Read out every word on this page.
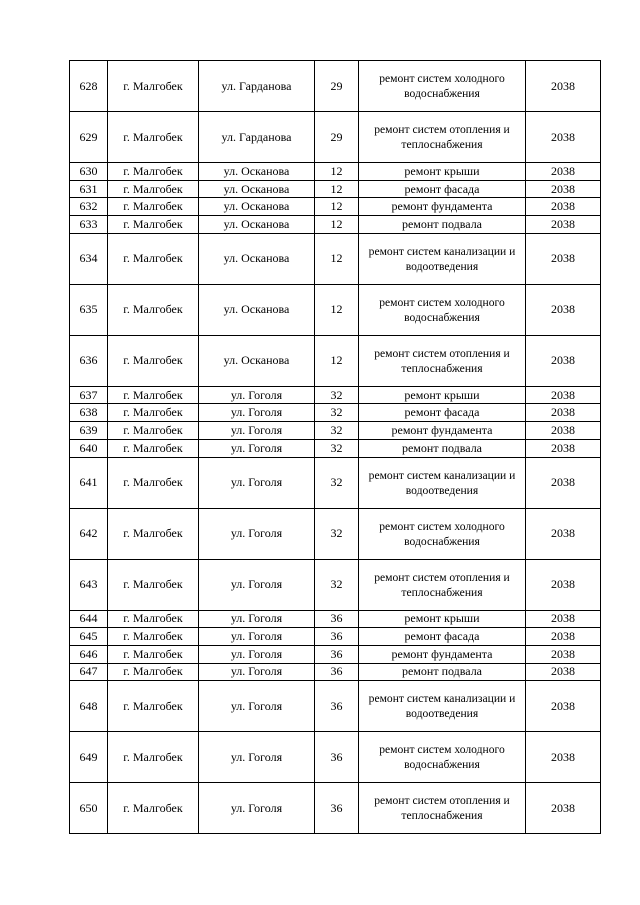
628	г. Малгобек	ул. Гарданова	29	ремонт систем холодного водоснабжения	2038
629	г. Малгобек	ул. Гарданова	29	ремонт систем отопления и теплоснабжения	2038
630	г. Малгобек	ул. Осканова	12	ремонт крыши	2038
631	г. Малгобек	ул. Осканова	12	ремонт фасада	2038
632	г. Малгобек	ул. Осканова	12	ремонт фундамента	2038
633	г. Малгобек	ул. Осканова	12	ремонт подвала	2038
634	г. Малгобек	ул. Осканова	12	ремонт систем канализации и водоотведения	2038
635	г. Малгобек	ул. Осканова	12	ремонт систем холодного водоснабжения	2038
636	г. Малгобек	ул. Осканова	12	ремонт систем отопления и теплоснабжения	2038
637	г. Малгобек	ул. Гоголя	32	ремонт крыши	2038
638	г. Малгобек	ул. Гоголя	32	ремонт фасада	2038
639	г. Малгобек	ул. Гоголя	32	ремонт фундамента	2038
640	г. Малгобек	ул. Гоголя	32	ремонт подвала	2038
641	г. Малгобек	ул. Гоголя	32	ремонт систем канализации и водоотведения	2038
642	г. Малгобек	ул. Гоголя	32	ремонт систем холодного водоснабжения	2038
643	г. Малгобек	ул. Гоголя	32	ремонт систем отопления и теплоснабжения	2038
644	г. Малгобек	ул. Гоголя	36	ремонт крыши	2038
645	г. Малгобек	ул. Гоголя	36	ремонт фасада	2038
646	г. Малгобек	ул. Гоголя	36	ремонт фундамента	2038
647	г. Малгобек	ул. Гоголя	36	ремонт подвала	2038
648	г. Малгобек	ул. Гоголя	36	ремонт систем канализации и водоотведения	2038
649	г. Малгобек	ул. Гоголя	36	ремонт систем холодного водоснабжения	2038
650	г. Малгобек	ул. Гоголя	36	ремонт систем отопления и теплоснабжения	2038
